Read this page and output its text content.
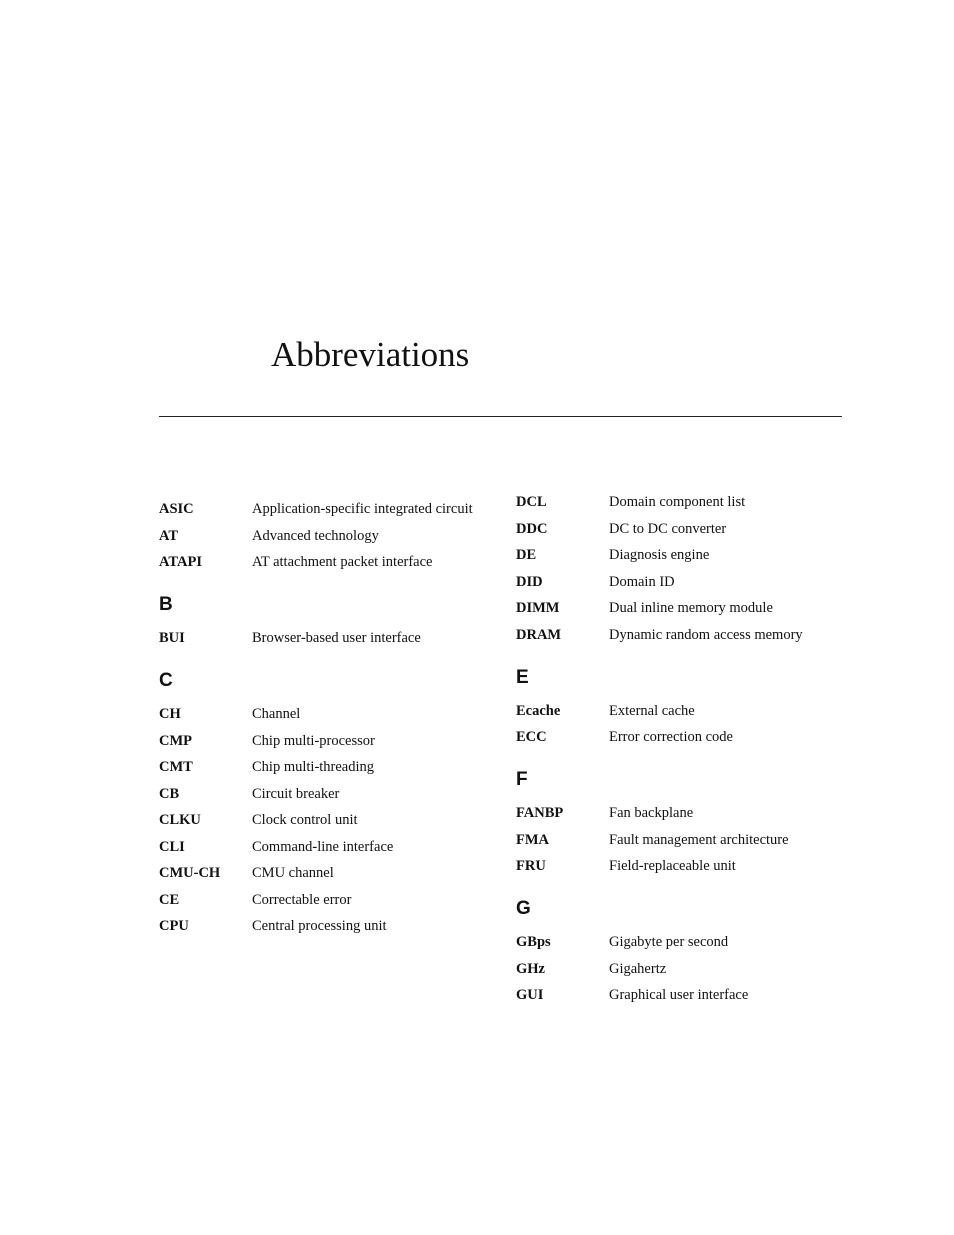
Abbreviations
ASIC	Application-specific integrated circuit
AT	Advanced technology
ATAPI	AT attachment packet interface
B
BUI	Browser-based user interface
C
CH	Channel
CMP	Chip multi-processor
CMT	Chip multi-threading
CB	Circuit breaker
CLKU	Clock control unit
CLI	Command-line interface
CMU-CH	CMU channel
CE	Correctable error
CPU	Central processing unit
DCL	Domain component list
DDC	DC to DC converter
DE	Diagnosis engine
DID	Domain ID
DIMM	Dual inline memory module
DRAM	Dynamic random access memory
E
Ecache	External cache
ECC	Error correction code
F
FANBP	Fan backplane
FMA	Fault management architecture
FRU	Field-replaceable unit
G
GBps	Gigabyte per second
GHz	Gigahertz
GUI	Graphical user interface
